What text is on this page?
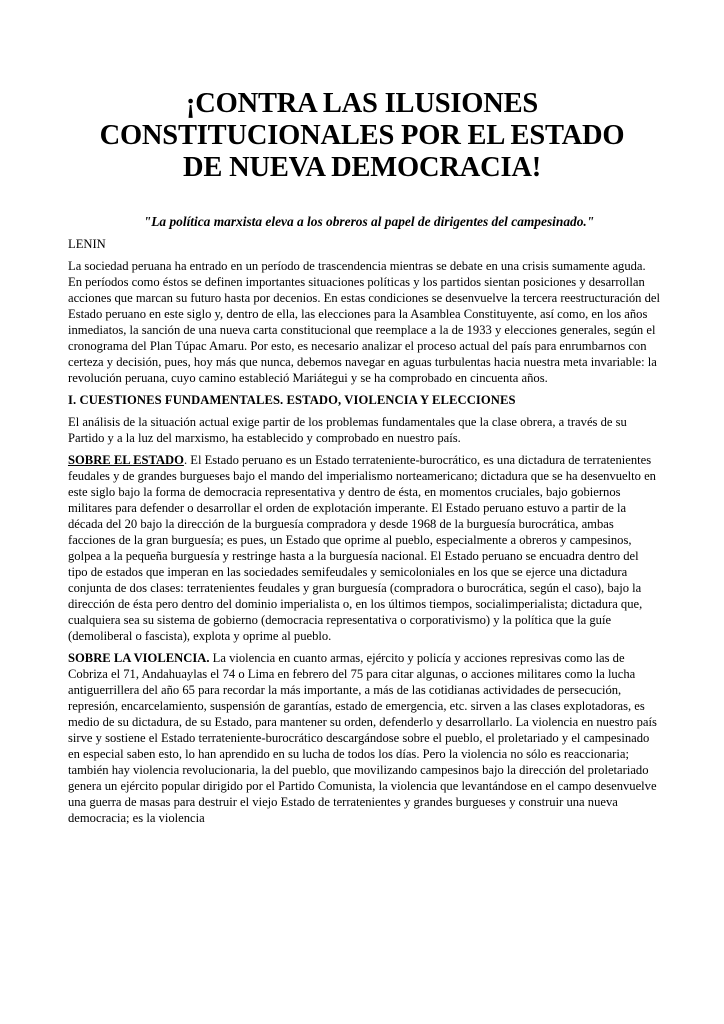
¡CONTRA LAS ILUSIONES
CONSTITUCIONALES POR EL ESTADO
DE NUEVA DEMOCRACIA!
"La política marxista eleva a los obreros al papel de dirigentes del campesinado."
LENIN

La sociedad peruana ha entrado en un período de trascendencia mientras se debate en una crisis sumamente aguda. En períodos como éstos se definen importantes situaciones políticas y los partidos sientan posiciones y desarrollan acciones que marcan su futuro hasta por decenios. En estas condiciones se desenvuelve la tercera reestructuración del Estado peruano en este siglo y, dentro de ella, las elecciones para la Asamblea Constituyente, así como, en los años inmediatos, la sanción de una nueva carta constitucional que reemplace a la de 1933 y elecciones generales, según el cronograma del Plan Túpac Amaru. Por esto, es necesario analizar el proceso actual del país para enrumbarnos con certeza y decisión, pues, hoy más que nunca, debemos navegar en aguas turbulentas hacia nuestra meta invariable: la revolución peruana, cuyo camino estableció Mariátegui y se ha comprobado en cincuenta años.

I. CUESTIONES FUNDAMENTALES. ESTADO, VIOLENCIA Y ELECCIONES

El análisis de la situación actual exige partir de los problemas fundamentales que la clase obrera, a través de su Partido y a la luz del marxismo, ha establecido y comprobado en nuestro país.

SOBRE EL ESTADO. El Estado peruano es un Estado terrateniente-burocrático, es una dictadura de terratenientes feudales y de grandes burgueses bajo el mando del imperialismo norteamericano; dictadura que se ha desenvuelto en este siglo bajo la forma de democracia representativa y dentro de ésta, en momentos cruciales, bajo gobiernos militares para defender o desarrollar el orden de explotación imperante. El Estado peruano estuvo a partir de la década del 20 bajo la dirección de la burguesía compradora y desde 1968 de la burguesía burocrática, ambas facciones de la gran burguesía; es pues, un Estado que oprime al pueblo, especialmente a obreros y campesinos, golpea a la pequeña burguesía y restringe hasta a la burguesía nacional. El Estado peruano se encuadra dentro del tipo de estados que imperan en las sociedades semifeudales y semicoloniales en los que se ejerce una dictadura conjunta de dos clases: terratenientes feudales y gran burguesía (compradora o burocrática, según el caso), bajo la dirección de ésta pero dentro del dominio imperialista o, en los últimos tiempos, socialimperialista; dictadura que, cualquiera sea su sistema de gobierno (democracia representativa o corporativismo) y la política que la guíe (demoliberal o fascista), explota y oprime al pueblo.

SOBRE LA VIOLENCIA. La violencia en cuanto armas, ejército y policía y acciones represivas como las de Cobriza el 71, Andahuaylas el 74 o Lima en febrero del 75 para citar algunas, o acciones militares como la lucha antiguerrillera del año 65 para recordar la más importante, a más de las cotidianas actividades de persecución, represión, encarcelamiento, suspensión de garantías, estado de emergencia, etc. sirven a las clases explotadoras, es medio de su dictadura, de su Estado, para mantener su orden, defenderlo y desarrollarlo. La violencia en nuestro país sirve y sostiene el Estado terrateniente-burocrático descargándose sobre el pueblo, el proletariado y el campesinado en especial saben esto, lo han aprendido en su lucha de todos los días. Pero la violencia no sólo es reaccionaria; también hay violencia revolucionaria, la del pueblo, que movilizando campesinos bajo la dirección del proletariado genera un ejército popular dirigido por el Partido Comunista, la violencia que levantándose en el campo desenvuelve una guerra de masas para destruir el viejo Estado de terratenientes y grandes burgueses y construir una nueva democracia; es la violencia
